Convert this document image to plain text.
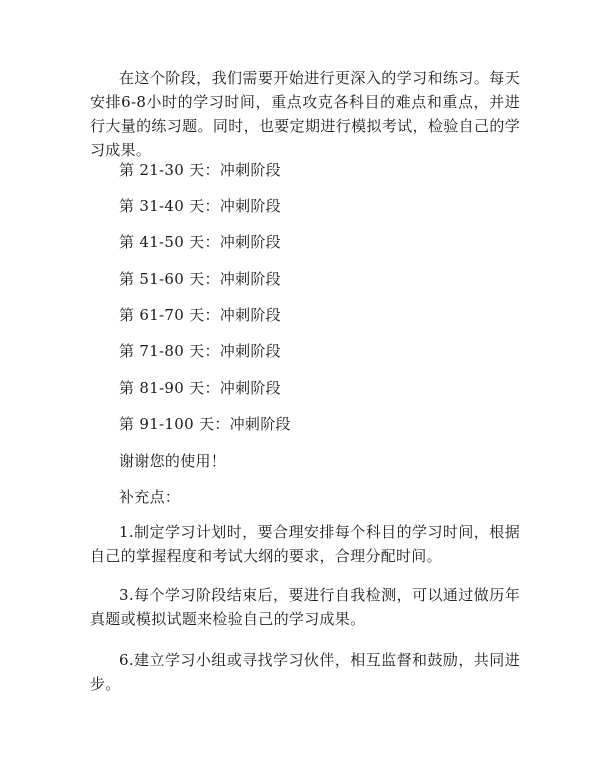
在这个阶段，我们需要开始进行更深入的学习和练习。每天安排6-8小时的学习时间，重点攻克各科目的难点和重点，并进行大量的练习题。同时，也要定期进行模拟考试，检验自己的学习成果。

第 21-30 天：冲刺阶段

第 31-40 天：冲刺阶段

第 41-50 天：冲刺阶段

第 51-60 天：冲刺阶段

第 61-70 天：冲刺阶段

第 71-80 天：冲刺阶段

第 81-90 天：冲刺阶段

第 91-100 天：冲刺阶段

谢谢您的使用！

补充点：

1.制定学习计划时，要合理安排每个科目的学习时间，根据自己的掌握程度和考试大纲的要求，合理分配时间。

3.每个学习阶段结束后，要进行自我检测，可以通过做历年真题或模拟试题来检验自己的学习成果。

6.建立学习小组或寻找学习伙伴，相互监督和鼓励，共同进步。
